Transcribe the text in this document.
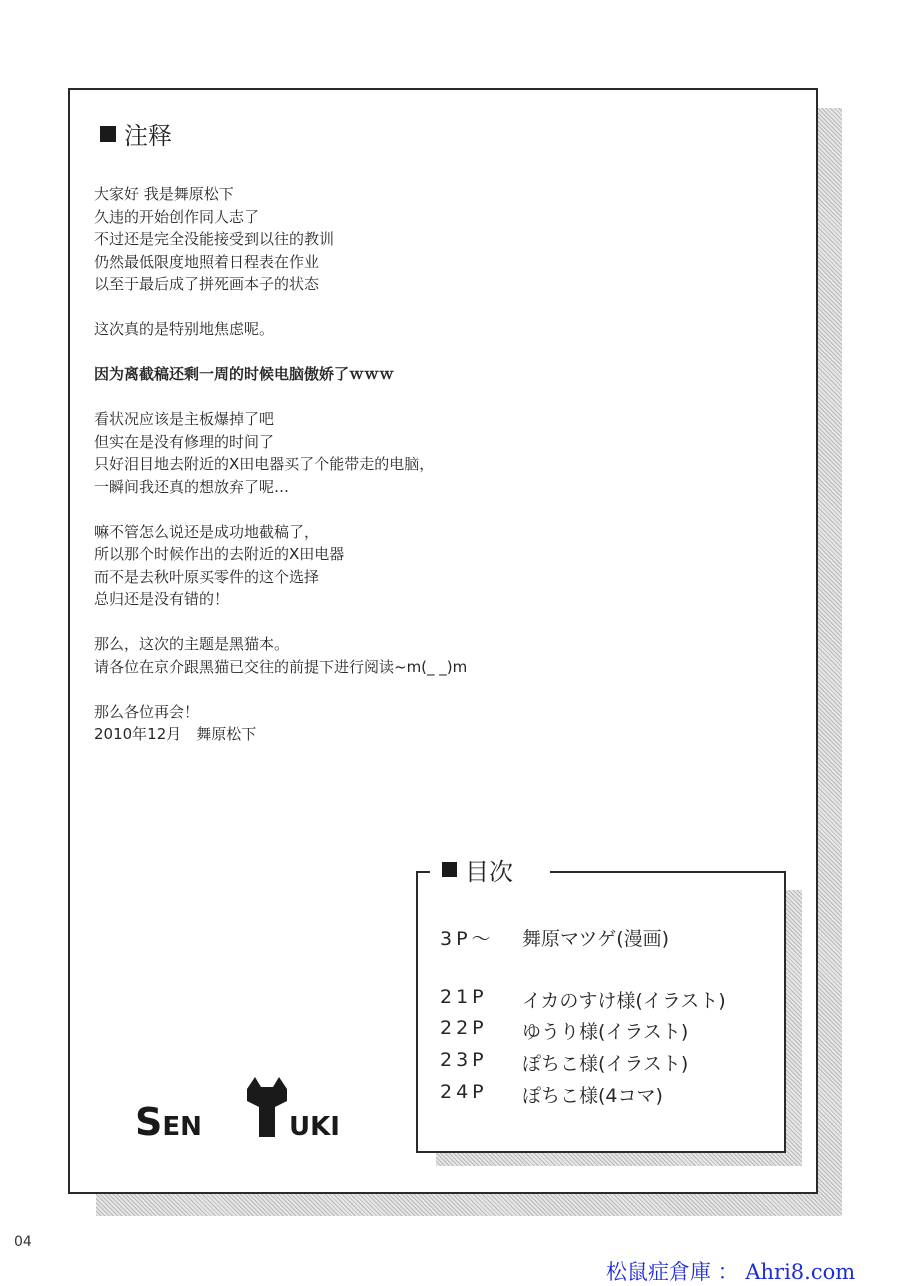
注释
大家好 我是舞原松下
久违的开始创作同人志了
不过还是完全没能接受到以往的教训
仍然最低限度地照着日程表在作业
以至于最后成了拼死画本子的状态
这次真的是特别地焦虑呢。
因为离截稿还剩一周的时候电脑傲娇了ｗｗｗ
看状况应该是主板爆掉了吧
但实在是没有修理的时间了
只好泪目地去附近的X田电器买了个能带走的电脑，
一瞬间我还真的想放弃了呢…
嘛不管怎么说还是成功地截稿了，
所以那个时候作出的去附近的X田电器
而不是去秋叶原买零件的这个选择
总归还是没有错的！
那么，这次的主题是黑猫本。
请各位在京介跟黑猫已交往的前提下进行阅读~m(_ _)m
那么各位再会！
2010年12月　舞原松下
目次
3P～	舞原マツゲ(漫画)
21P	イカのすけ様(イラスト)
22P	ゆうり様(イラスト)
23P	ぽちこ様(イラスト)
24P	ぽちこ様(4コマ)
SEN	UKI
04
松鼠症倉庫 ： Ahri8.com
